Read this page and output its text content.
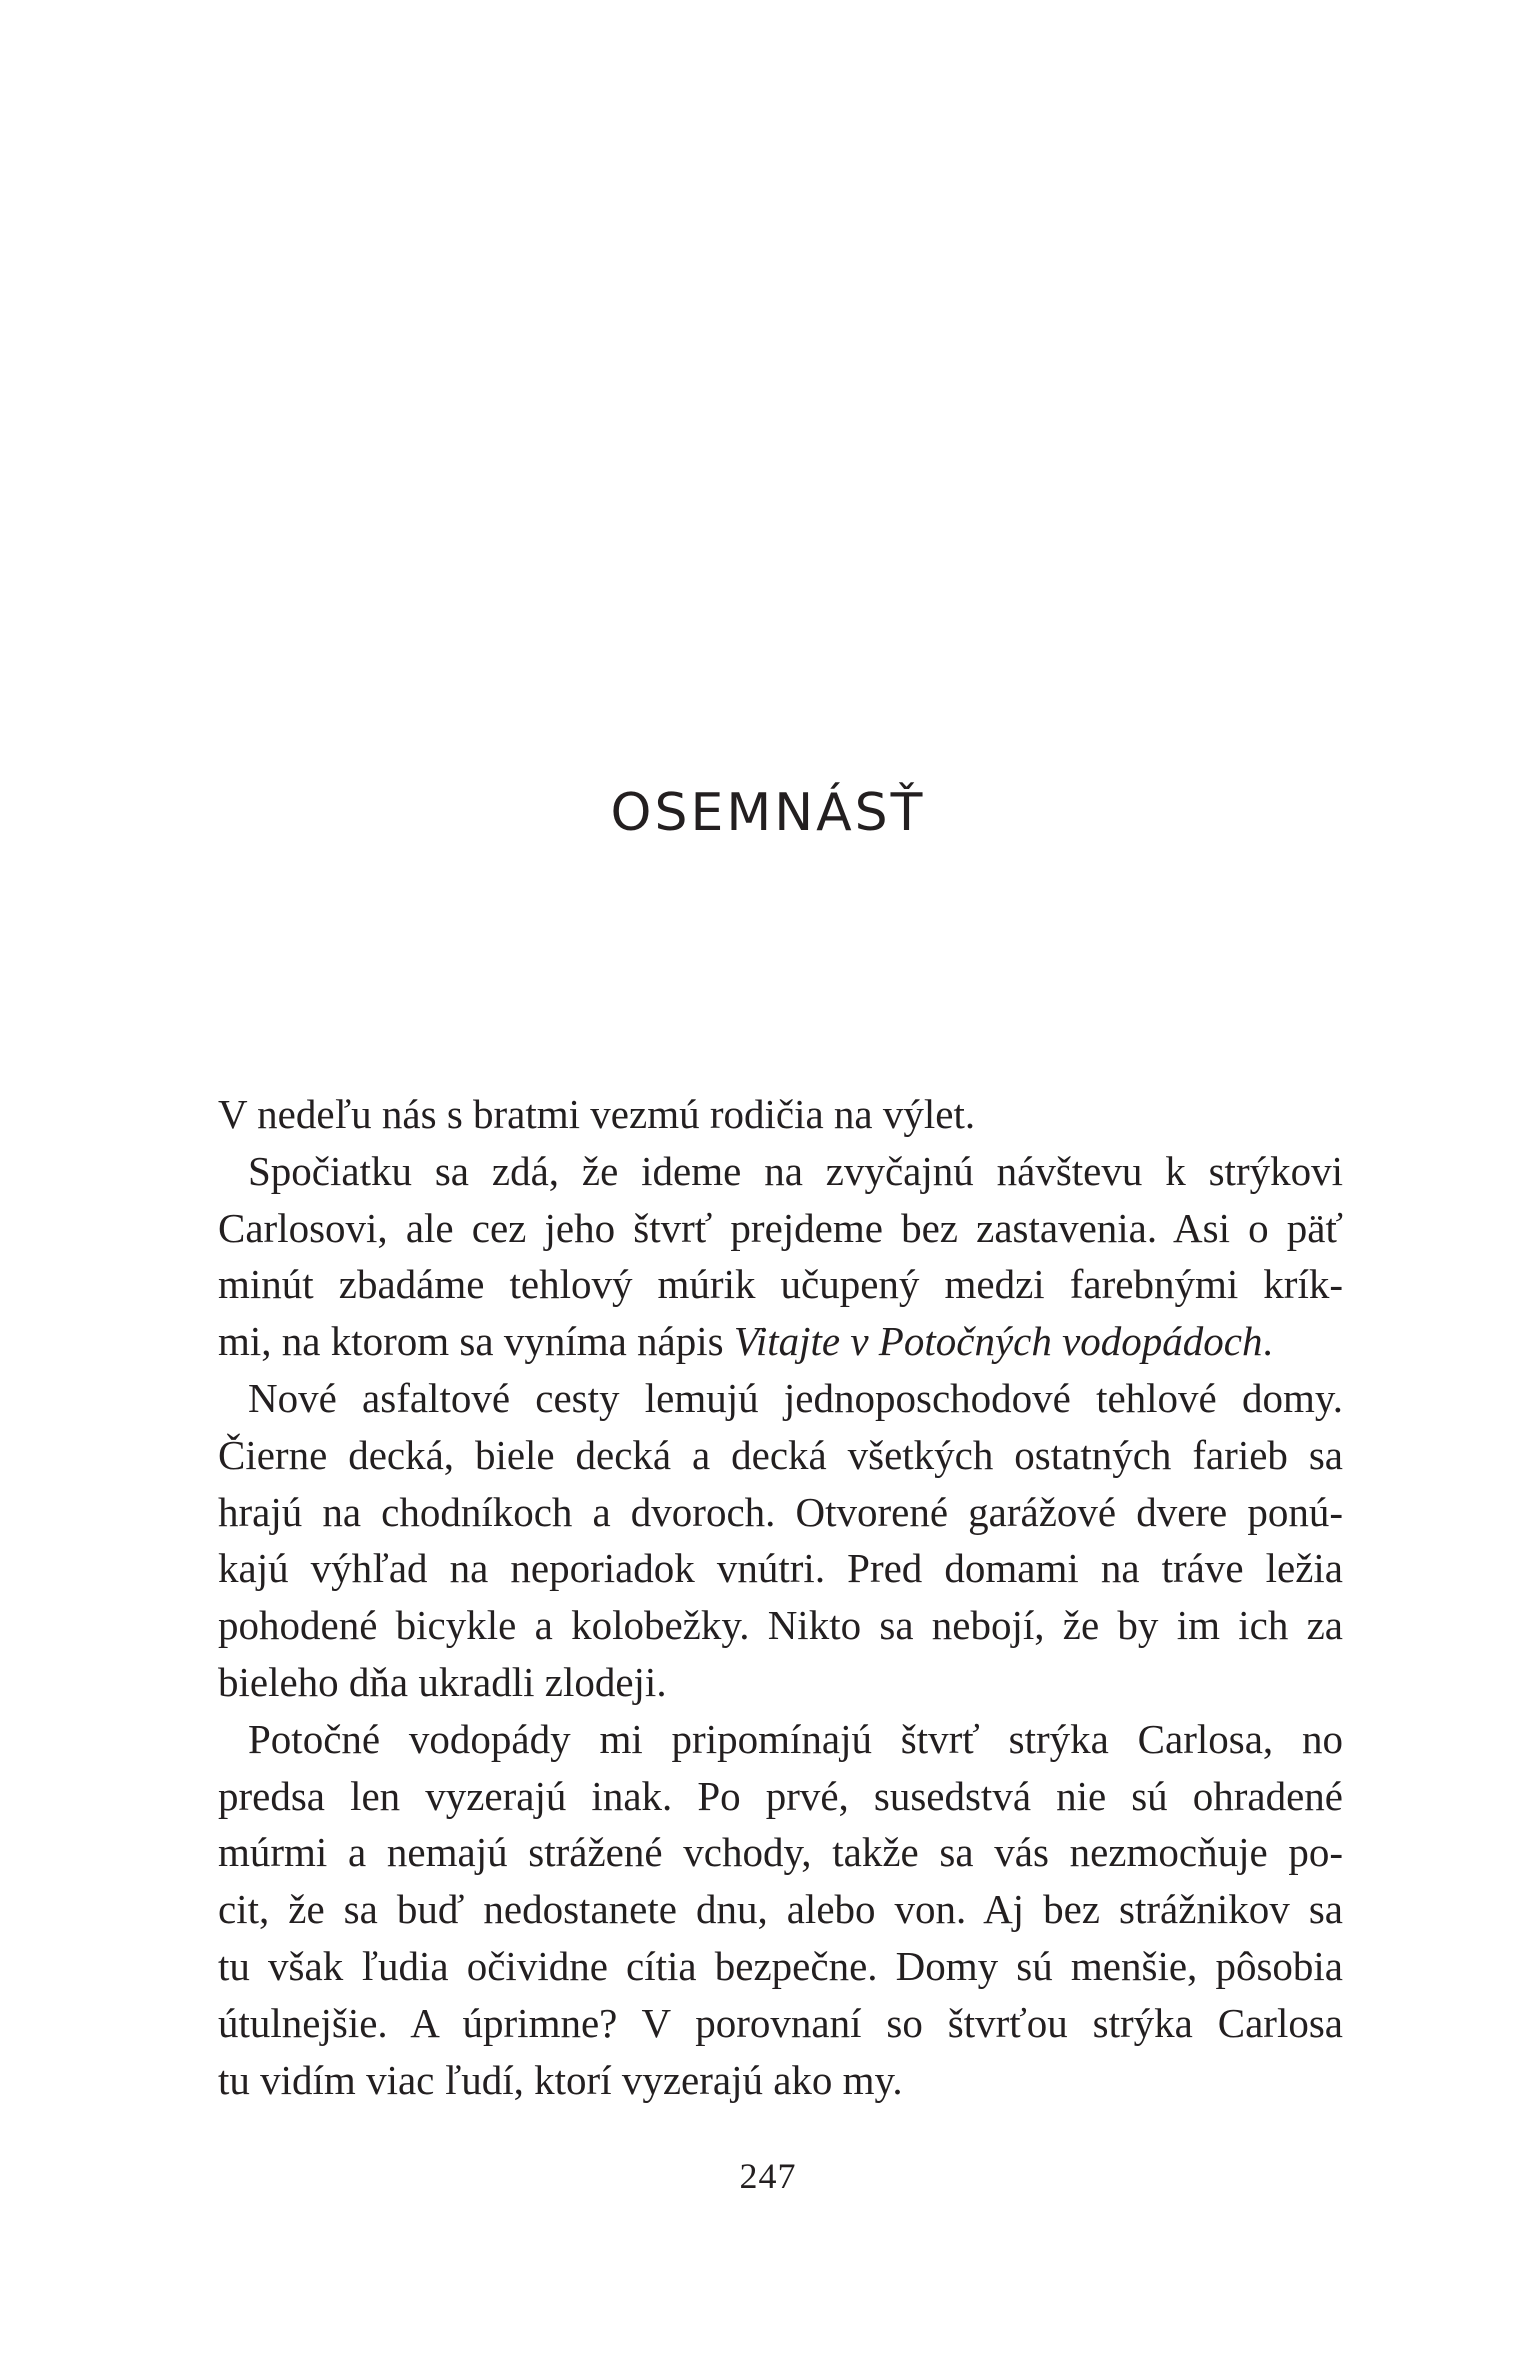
OSEMNÁSŤ
V nedeľu nás s bratmi vezmú rodičia na výlet.
Spočiatku sa zdá, že ideme na zvyčajnú návštevu k strýkovi
Carlosovi, ale cez jeho štvrť prejdeme bez zastavenia. Asi o päť
minút zbadáme tehlový múrik učupený medzi farebnými krík-
mi, na ktorom sa vyníma nápis Vitajte v Potočných vodopádoch.
Nové asfaltové cesty lemujú jednoposchodové tehlové domy.
Čierne decká, biele decká a decká všetkých ostatných farieb sa
hrajú na chodníkoch a dvoroch. Otvorené garážové dvere ponú-
kajú výhľad na neporiadok vnútri. Pred domami na tráve ležia
pohodené bicykle a kolobežky. Nikto sa nebojí, že by im ich za
bieleho dňa ukradli zlodeji.
Potočné vodopády mi pripomínajú štvrť strýka Carlosa, no
predsa len vyzerajú inak. Po prvé, susedstvá nie sú ohradené
múrmi a nemajú strážené vchody, takže sa vás nezmocňuje po-
cit, že sa buď nedostanete dnu, alebo von. Aj bez strážnikov sa
tu však ľudia očividne cítia bezpečne. Domy sú menšie, pôsobia
útulnejšie. A úprimne? V porovnaní so štvrťou strýka Carlosa
tu vidím viac ľudí, ktorí vyzerajú ako my.
247
